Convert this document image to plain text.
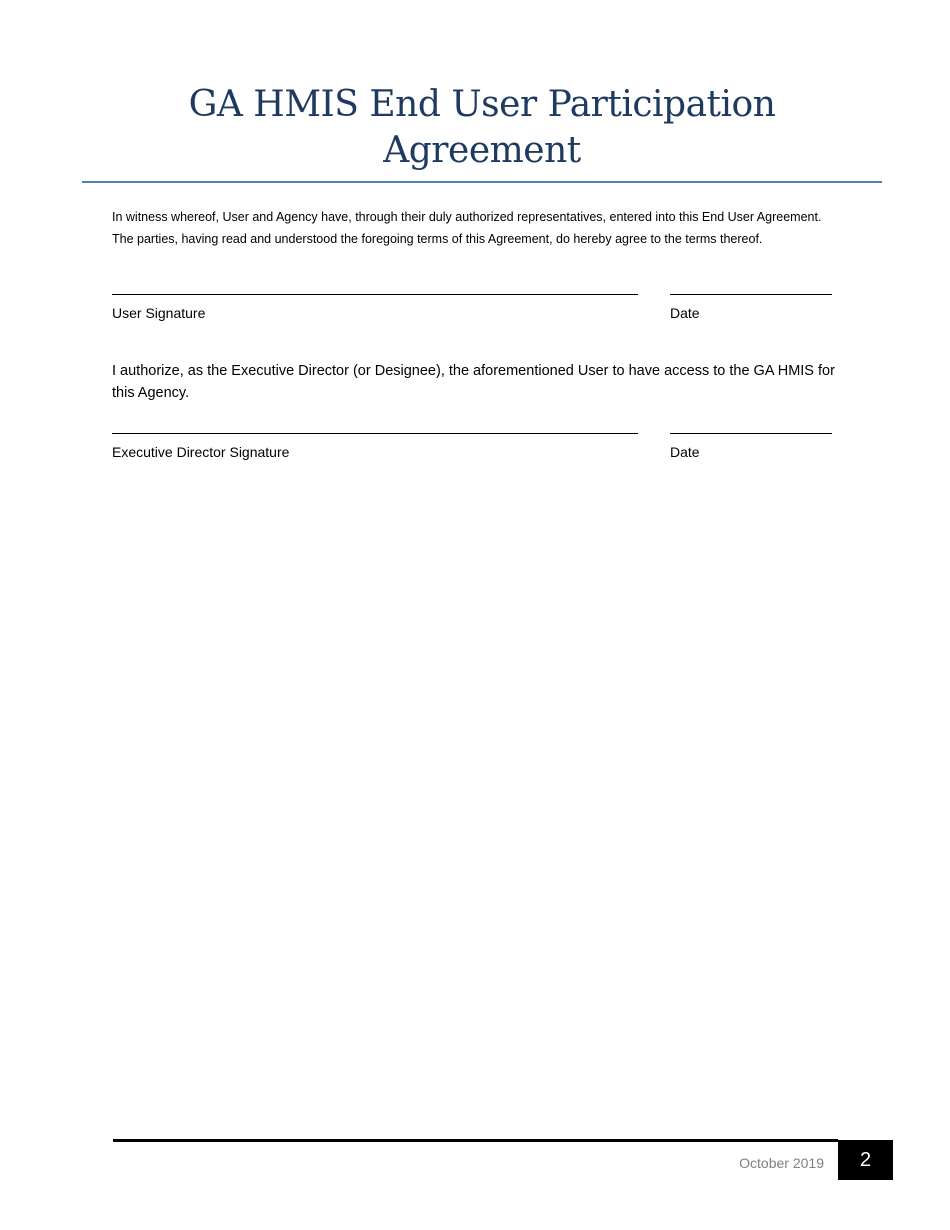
GA HMIS End User Participation
Agreement
In witness whereof, User and Agency have, through their duly authorized representatives, entered into this End User Agreement. The parties, having read and understood the foregoing terms of this Agreement, do hereby agree to the terms thereof.
User Signature	Date
I authorize, as the Executive Director (or Designee), the aforementioned User to have access to the GA HMIS for this Agency.
Executive Director Signature	Date
October 2019	2
